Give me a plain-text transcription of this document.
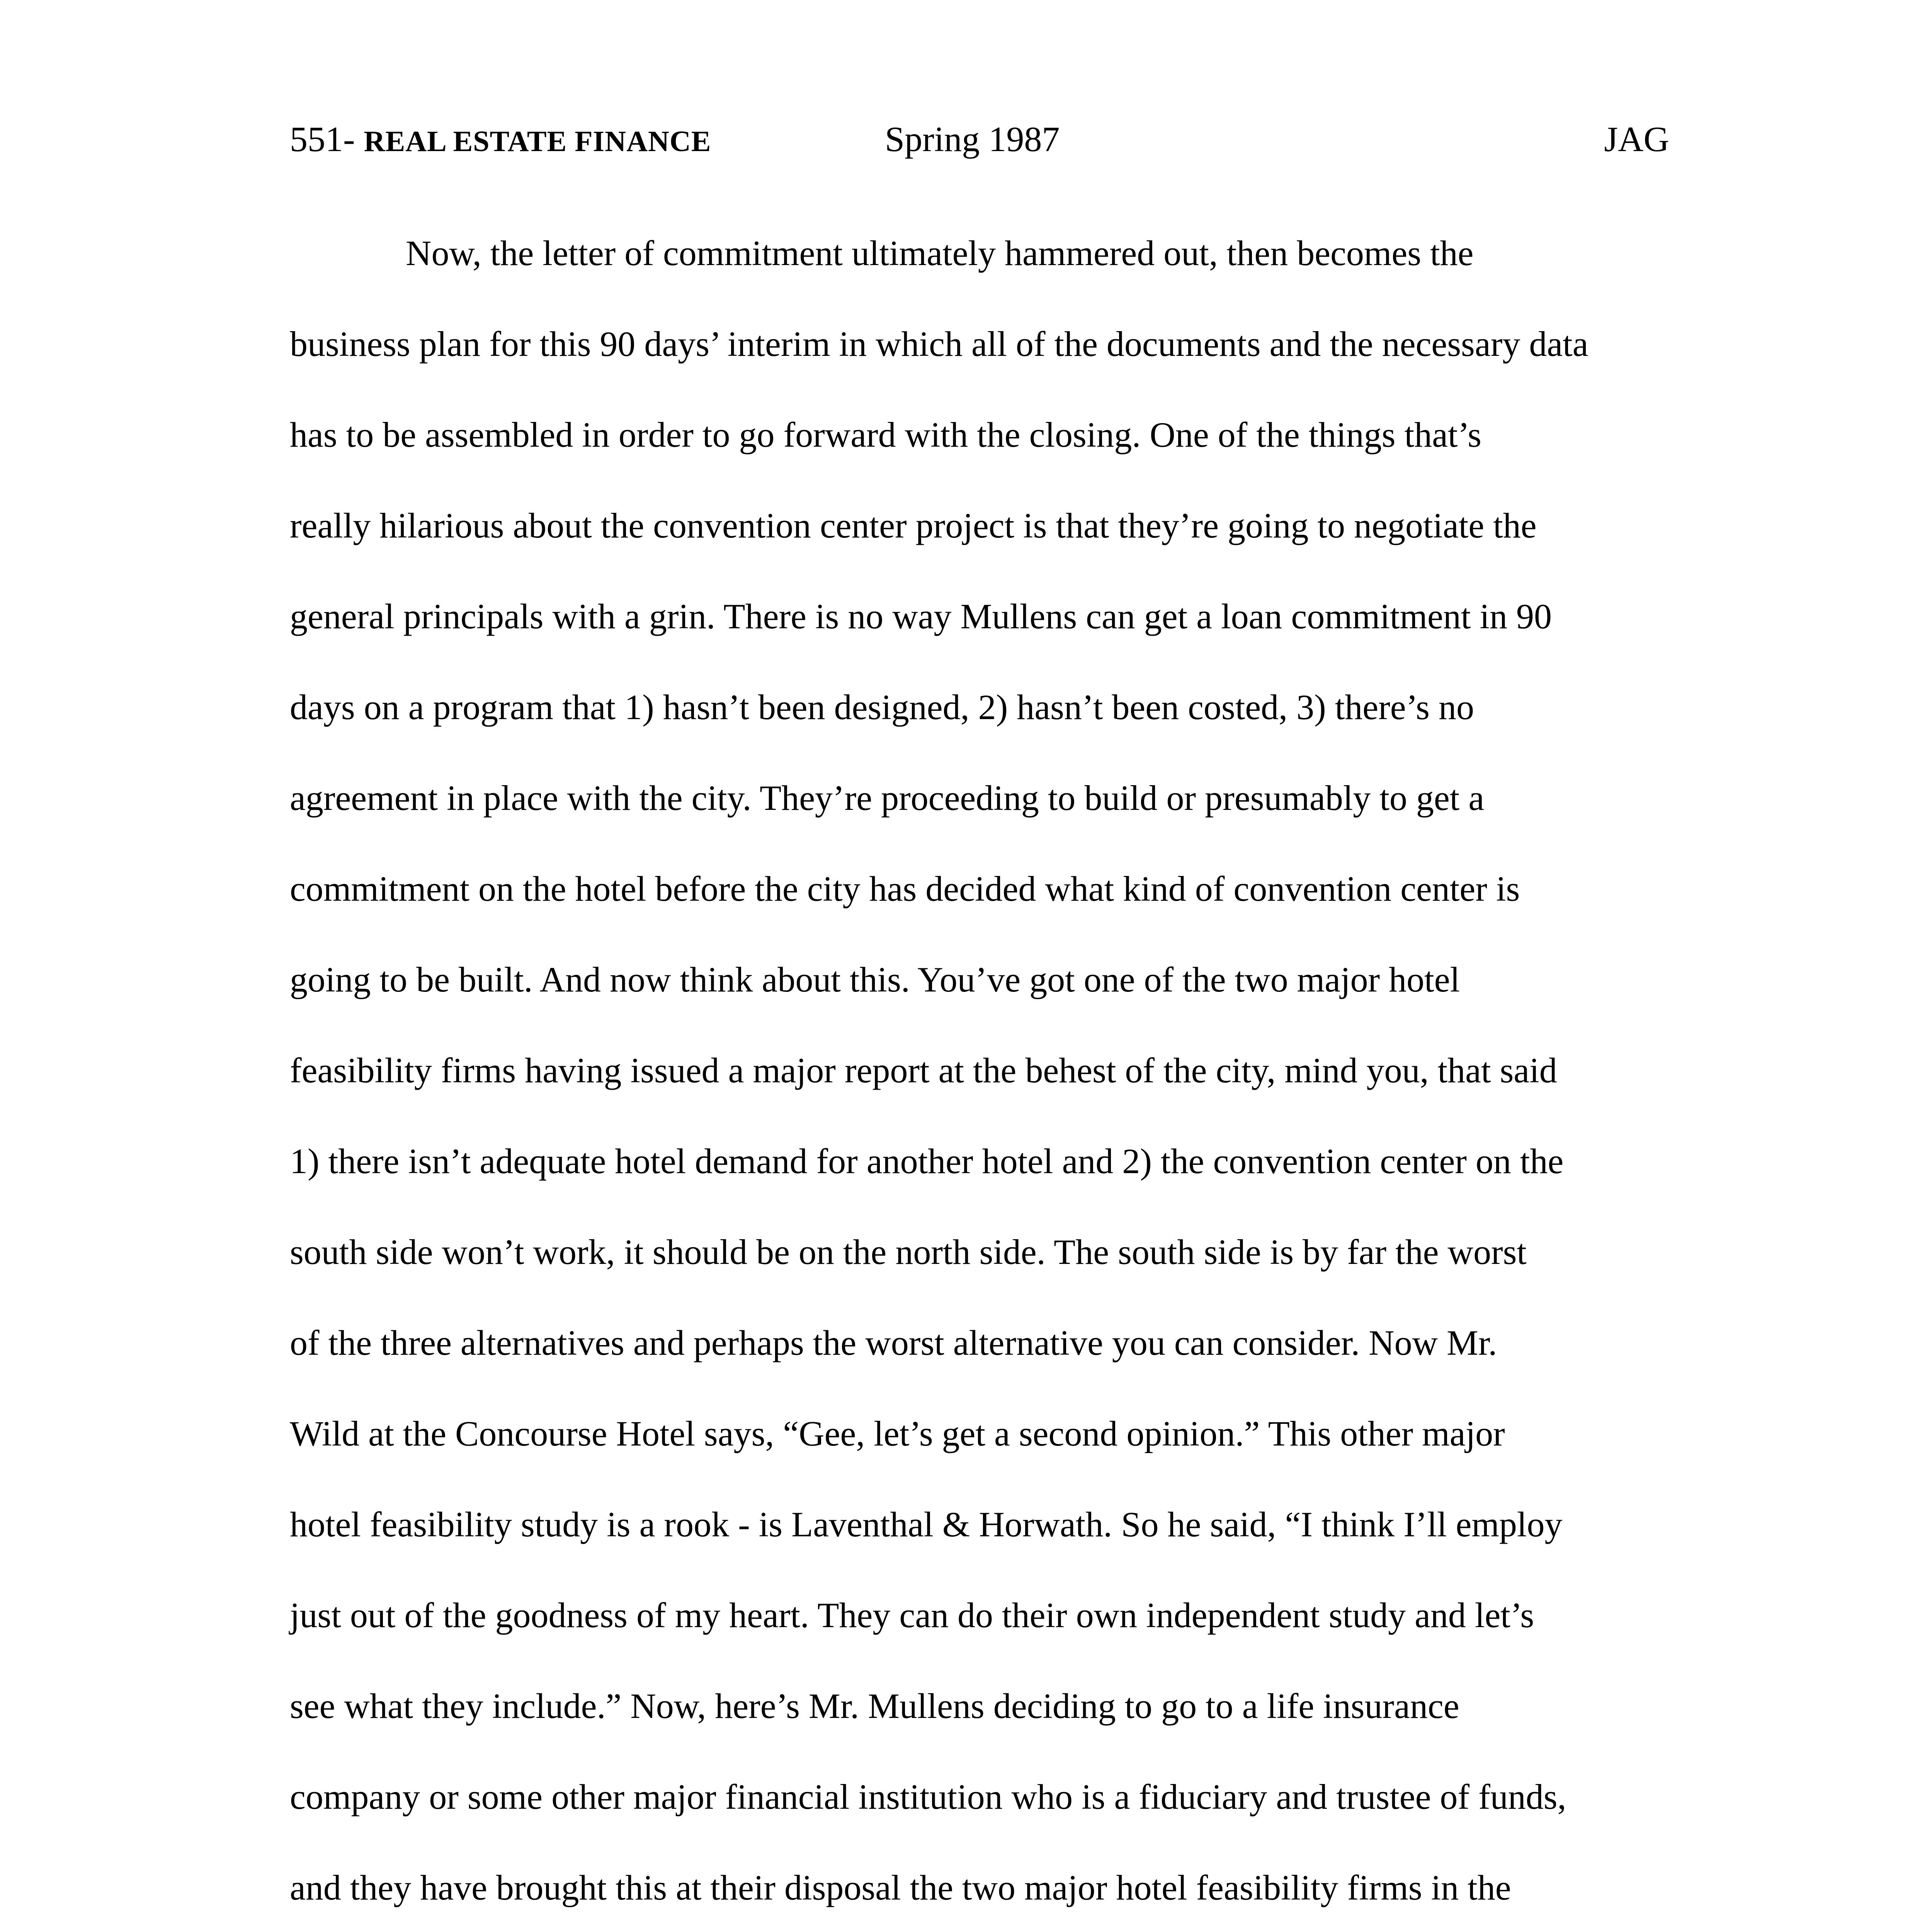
551- REAL ESTATE FINANCE	Spring 1987	JAG
Now, the letter of commitment ultimately hammered out, then becomes the
business plan for this 90 days’ interim in which all of the documents and the necessary data
has to be assembled in order to go forward with the closing. One of the things that’s
really hilarious about the convention center project is that they’re going to negotiate the
general principals with a grin. There is no way Mullens can get a loan commitment in 90
days on a program that 1) hasn’t been designed, 2) hasn’t been costed, 3) there’s no
agreement in place with the city. They’re proceeding to build or presumably to get a
commitment on the hotel before the city has decided what kind of convention center is
going to be built. And now think about this. You’ve got one of the two major hotel
feasibility firms having issued a major report at the behest of the city, mind you, that said
1) there isn’t adequate hotel demand for another hotel and 2) the convention center on the
south side won’t work, it should be on the north side. The south side is by far the worst
of the three alternatives and perhaps the worst alternative you can consider. Now Mr.
Wild at the Concourse Hotel says, “Gee, let’s get a second opinion.” This other major
hotel feasibility study is a rook - is Laventhal & Horwath. So he said, “I think I’ll employ
just out of the goodness of my heart. They can do their own independent study and let’s
see what they include.” Now, here’s Mr. Mullens deciding to go to a life insurance
company or some other major financial institution who is a fiduciary and trustee of funds,
and they have brought this at their disposal the two major hotel feasibility firms in the
